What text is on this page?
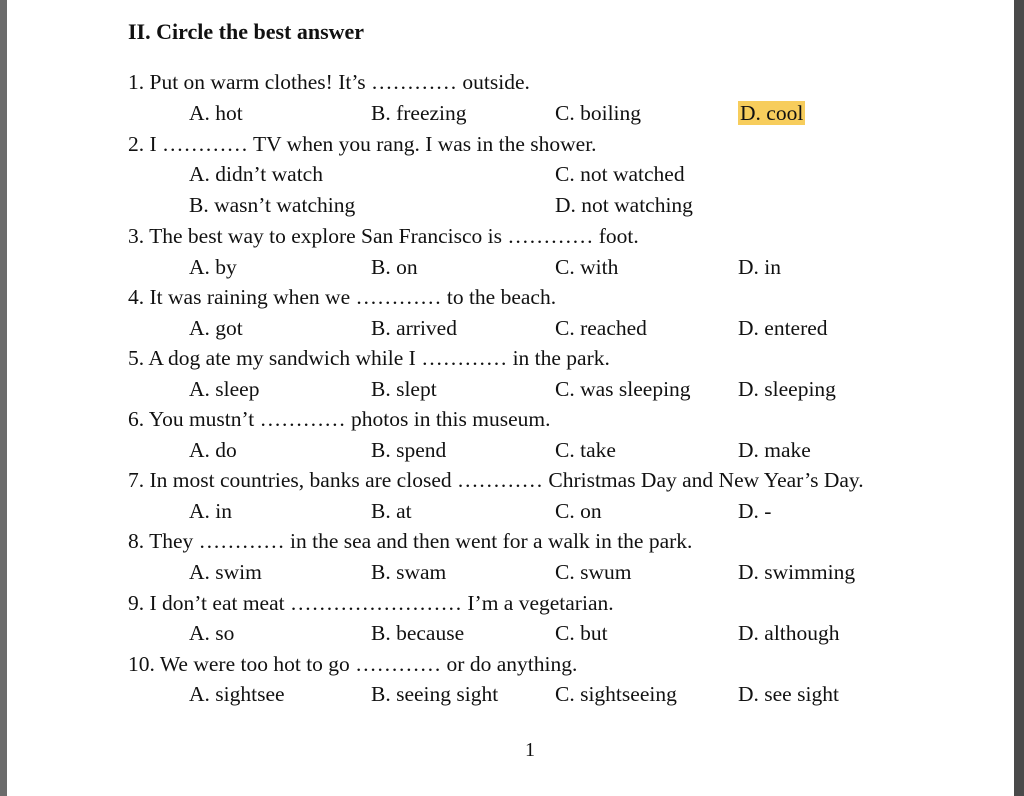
II. Circle the best answer
1. Put on warm clothes! It’s ………… outside.
A. hot	B. freezing	C. boiling	D. cool
2. I ………… TV when you rang. I was in the shower.
A. didn’t watch	C. not watched
B. wasn’t watching	D. not watching
3. The best way to explore San Francisco is ………… foot.
A. by	B. on	C. with	D. in
4. It was raining when we ………… to the beach.
A. got	B. arrived	C. reached	D. entered
5. A dog ate my sandwich while I ………… in the park.
A. sleep	B. slept	C. was sleeping D. sleeping
6. You mustn’t ………… photos in this museum.
A. do	B. spend	C. take	D. make
7. In most countries, banks are closed ………… Christmas Day and New Year’s Day.
A. in	B. at	C. on	D. -
8. They ………… in the sea and then went for a walk in the park.
A. swim	B. swam	C. swum	D. swimming
9. I don’t eat meat …………………… I’m a vegetarian.
A. so	B. because	C. but	D. although
10. We were too hot to go ………… or do anything.
A. sightsee	B. seeing sight	C. sightseeing	D. see sight
1
